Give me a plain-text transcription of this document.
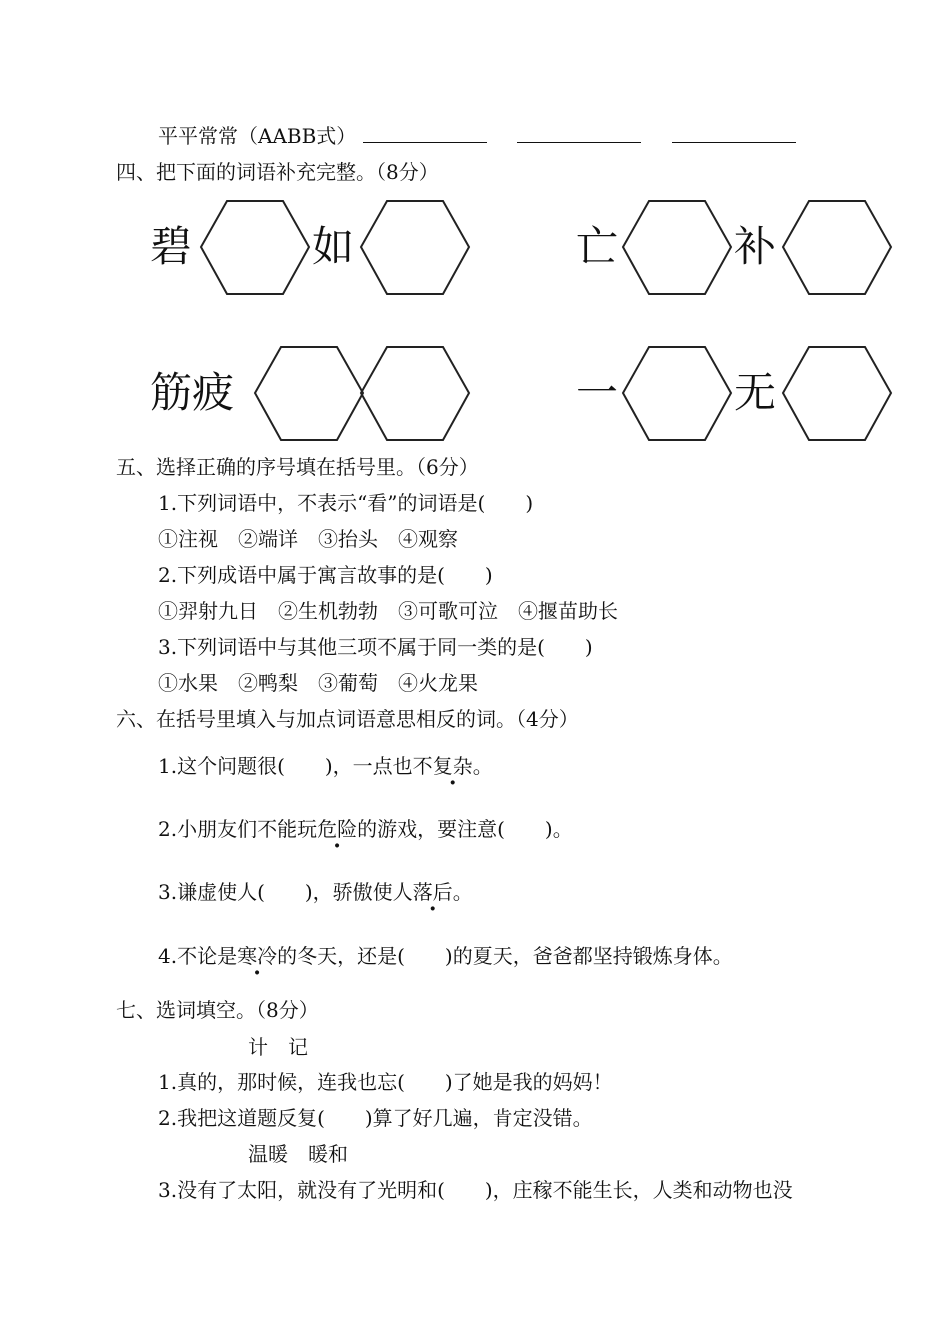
平平常常（AABB式）
四、把下面的词语补充完整。（8分）
碧	如	亡	补
筋疲	一	无
五、选择正确的序号填在括号里。（6分）
1.下列词语中，不表示“看”的词语是(　　)
①注视　②端详　③抬头　④观察
2.下列成语中属于寓言故事的是(　　)
①羿射九日　②生机勃勃　③可歌可泣　④揠苗助长
3.下列词语中与其他三项不属于同一类的是(　　)
①水果　②鸭梨　③葡萄　④火龙果
六、在括号里填入与加点词语意思相反的词。（4分）
1.这个问题很(　　)，一点也不复杂。
2.小朋友们不能玩危险的游戏，要注意(　　)。
3.谦虚使人(　　)，骄傲使人落后。
4.不论是寒冷的冬天，还是(　　)的夏天，爸爸都坚持锻炼身体。
七、选词填空。（8分）
计　记
1.真的，那时候，连我也忘(　　)了她是我的妈妈！
2.我把这道题反复(　　)算了好几遍，肯定没错。
温暖　暖和
3.没有了太阳，就没有了光明和(　　)，庄稼不能生长，人类和动物也没
